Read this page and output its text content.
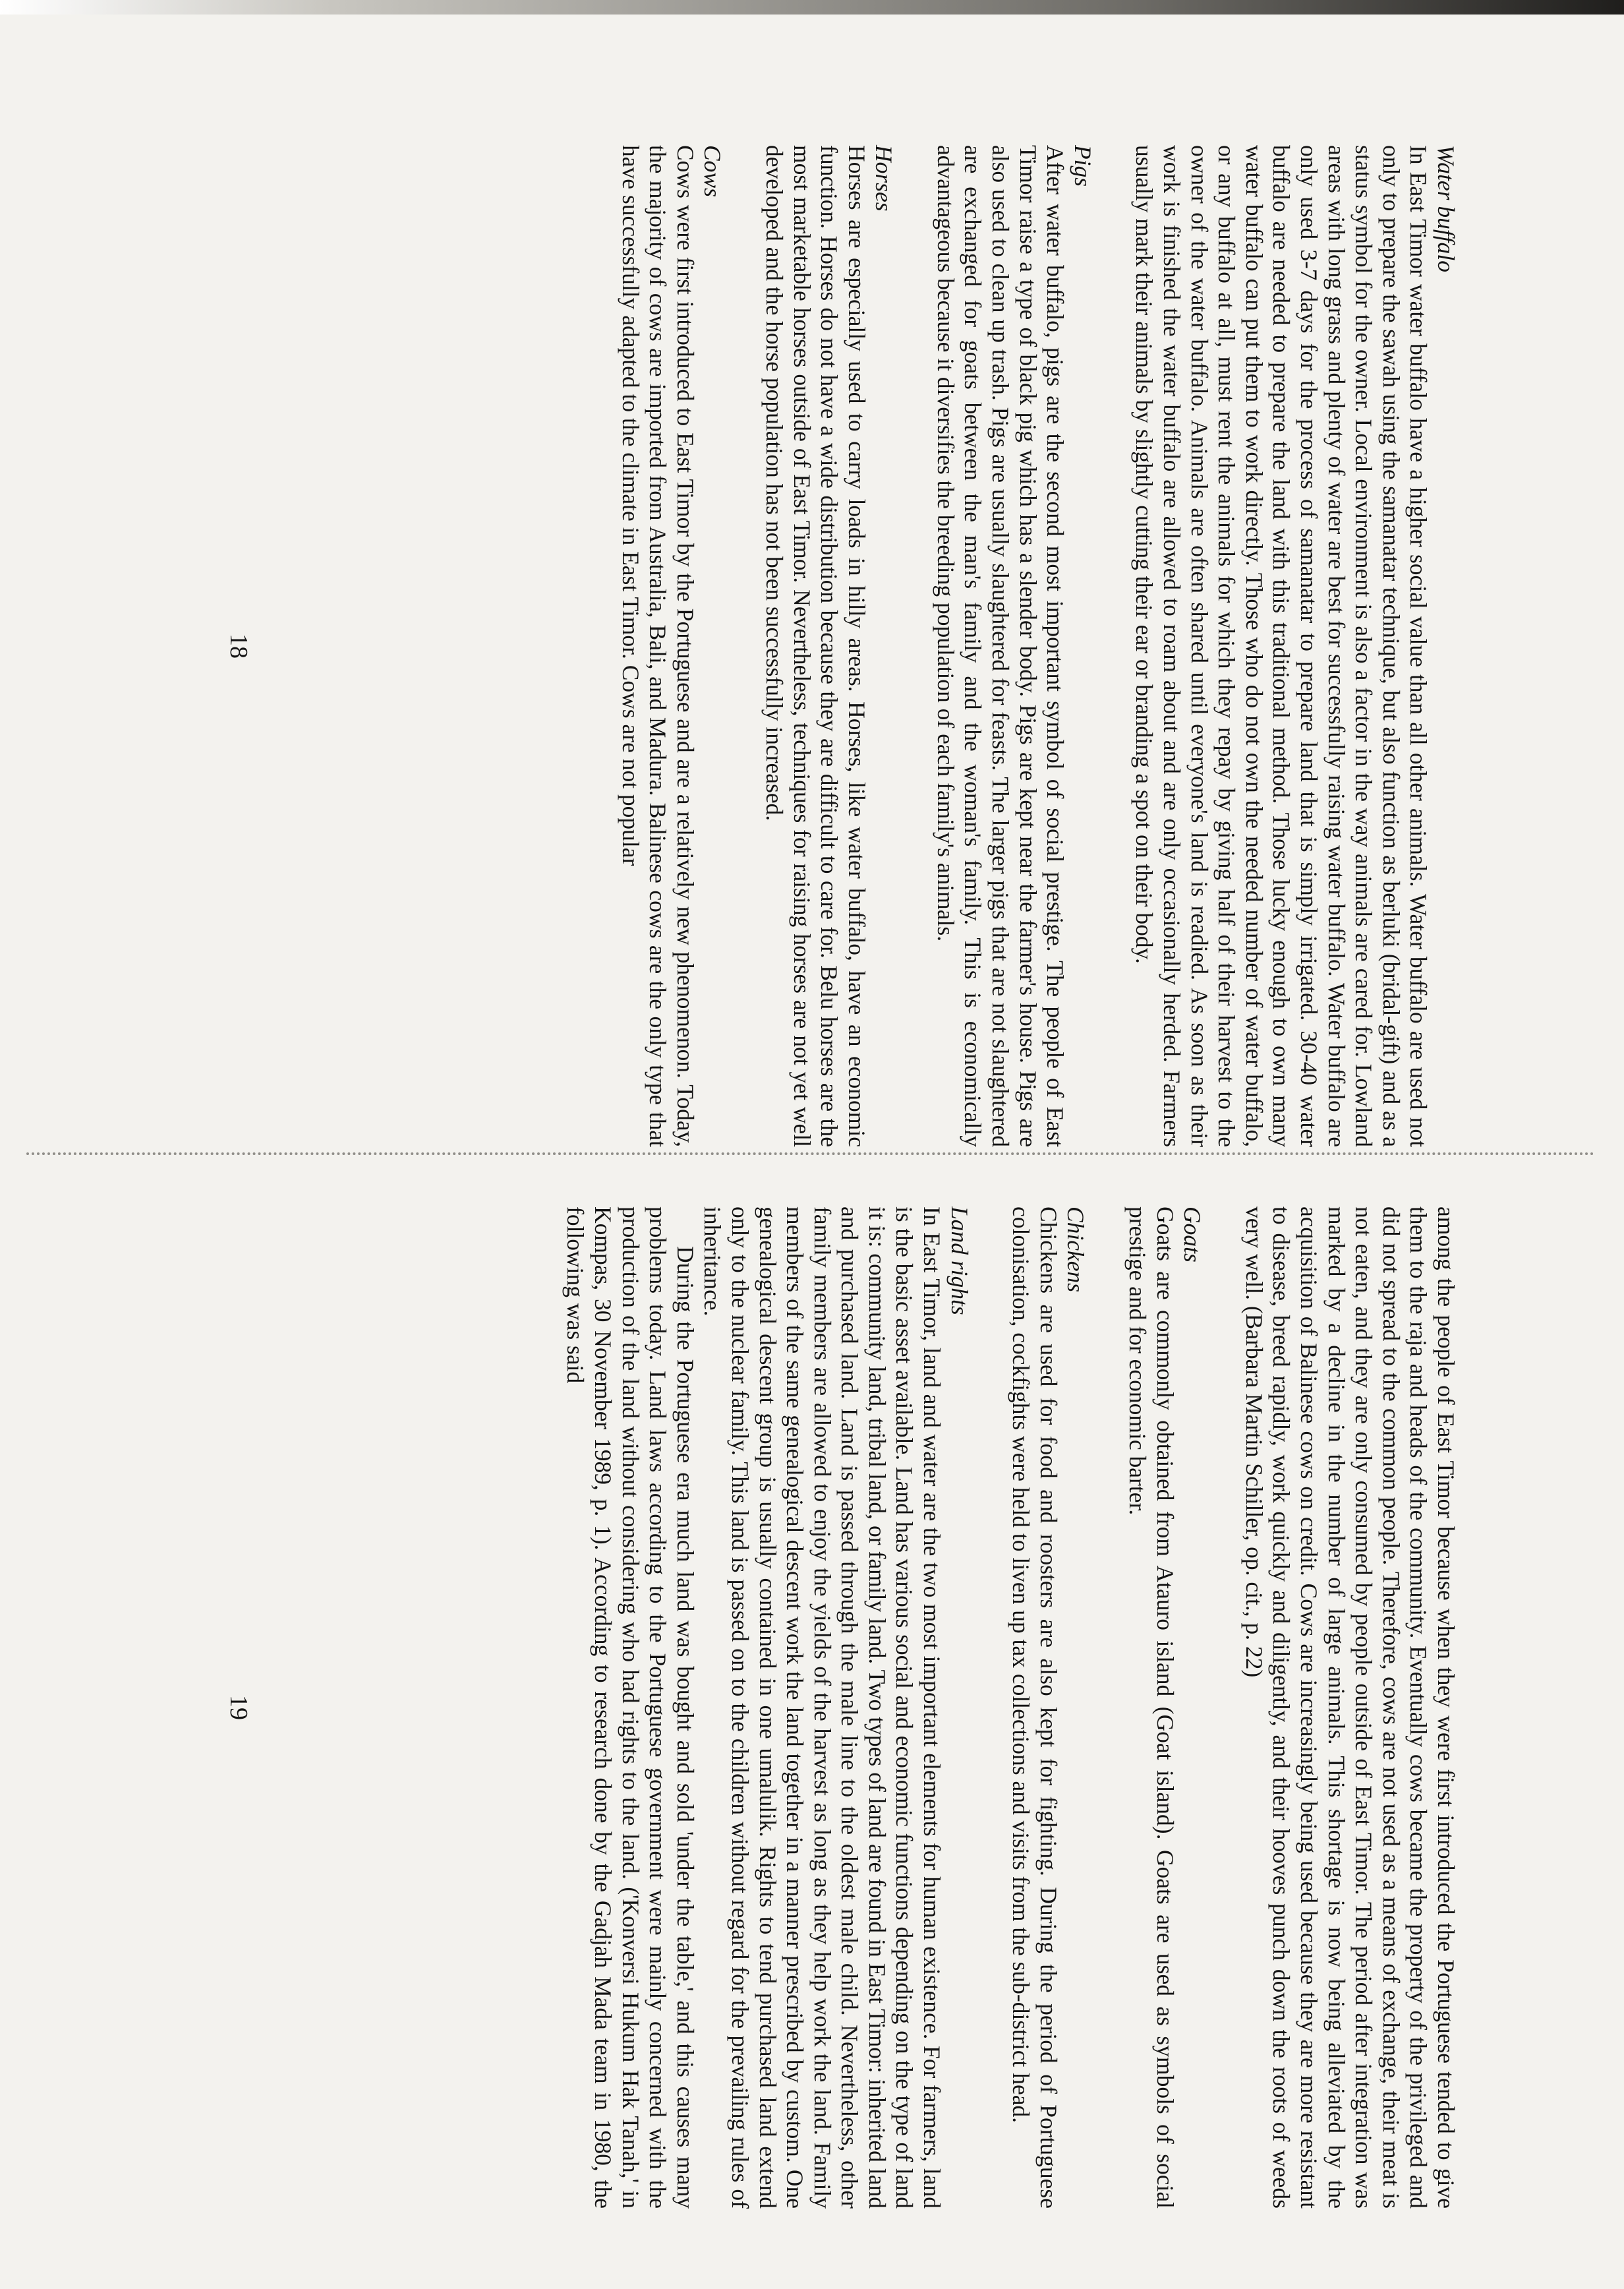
Water buffalo

In East Timor water buffalo have a higher social value than all other animals. Water buffalo are used not only to prepare the sawah using the samanatar technique, but also function as berluki (bridal-gift) and as a status symbol for the owner. Local environment is also a factor in the way animals are cared for. Lowland areas with long grass and plenty of water are best for successfully raising water buffalo. Water buffalo are only used 3-7 days for the process of samanatar to prepare land that is simply irrigated. 30-40 water buffalo are needed to prepare the land with this traditional method. Those lucky enough to own many water buffalo can put them to work directly. Those who do not own the needed number of water buffalo, or any buffalo at all, must rent the animals for which they repay by giving half of their harvest to the owner of the water buffalo. Animals are often shared until everyone's land is readied. As soon as their work is finished the water buffalo are allowed to roam about and are only occasionally herded. Farmers usually mark their animals by slightly cutting their ear or branding a spot on their body.

Pigs

After water buffalo, pigs are the second most important symbol of social prestige. The people of East Timor raise a type of black pig which has a slender body. Pigs are kept near the farmer's house. Pigs are also used to clean up trash. Pigs are usually slaughtered for feasts. The larger pigs that are not slaughtered are exchanged for goats between the man's family and the woman's family. This is economically advantageous because it diversifies the breeding population of each family's animals.

Horses

Horses are especially used to carry loads in hilly areas. Horses, like water buffalo, have an economic function. Horses do not have a wide distribution because they are difficult to care for. Belu horses are the most marketable horses outside of East Timor. Nevertheless, techniques for raising horses are not yet well developed and the horse population has not been successfully increased.

Cows

Cows were first introduced to East Timor by the Portuguese and are a relatively new phenomenon. Today, the majority of cows are imported from Australia, Bali, and Madura. Balinese cows are the only type that have successfully adapted to the climate in East Timor. Cows are not popular

18

among the people of East Timor because when they were first introduced the Portuguese tended to give them to the raja and heads of the community. Eventually cows became the property of the privileged and did not spread to the common people. Therefore, cows are not used as a means of exchange, their meat is not eaten, and they are only consumed by people outside of East Timor. The period after integration was marked by a decline in the number of large animals. This shortage is now being alleviated by the acquisition of Balinese cows on credit. Cows are increasingly being used because they are more resistant to disease, breed rapidly, work quickly and diligently, and their hooves punch down the roots of weeds very well. (Barbara Martin Schiller, op. cit., p. 22)

Goats

Goats are commonly obtained from Atauro island (Goat island). Goats are used as symbols of social prestige and for economic barter.

Chickens

Chickens are used for food and roosters are also kept for fighting. During the period of Portuguese colonisation, cockfights were held to liven up tax collections and visits from the sub-district head.

Land rights

In East Timor, land and water are the two most important elements for human existence. For farmers, land is the basic asset available. Land has various social and economic functions depending on the type of land it is: community land, tribal land, or family land. Two types of land are found in East Timor: inherited land and purchased land. Land is passed through the male line to the oldest male child. Nevertheless, other family members are allowed to enjoy the yields of the harvest as long as they help work the land. Family members of the same genealogical descent work the land together in a manner prescribed by custom. One genealogical descent group is usually contained in one umalulik. Rights to tend purchased land extend only to the nuclear family. This land is passed on to the children without regard for the prevailing rules of inheritance.

During the Portuguese era much land was bought and sold 'under the table,' and this causes many problems today. Land laws according to the Portuguese government were mainly concerned with the production of the land without considering who had rights to the land. ('Konversi Hukum Hak Tanah,' in Kompas, 30 November 1989, p. 1). According to research done by the Gadjah Mada team in 1980, the following was said

19
